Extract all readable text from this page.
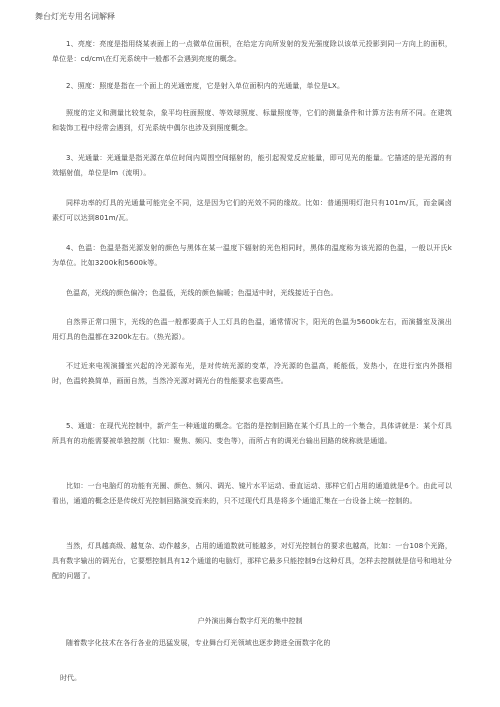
舞台灯光专用名词解释

1、亮度：亮度是指用绕某表面上的一点微单位面积，在给定方向所发射的发光强度除以该单元投影到同一方向上的面积，单位是：cd/cm\在灯光系统中一般都不会遇到亮度的概念。

2、照度：照度是指在一个面上的光通密度，它是射入单位面积内的光通量，单位是LX。

照度的定义和测量比较复杂，象平均柱面照度、等效球照度、标量照度等，它们的测量条件和计算方法有所不同。在建筑和装饰工程中经常会遇到，灯光系统中偶尔也涉及到照度概念。

3、光通量：光通量是指光源在单位时间内周围空间辐射的，能引起视觉反应能量，即可见光的能量。它描述的是光源的有效辐射值，单位是lm（流明）。

同样功率的灯具的光通量可能完全不同，这是因为它们的光效不同的缘故。比如：普通照明灯泡只有101m/瓦，而金属卤素灯可以达到801m/瓦。

4、色温：色温是指光源发射的颜色与黑体在某一温度下辐射的光色相同时，黑体的温度称为该光源的色温，一般以开氏k为单位。比如3200k和5600k等。

色温高，光线的颜色偏冷；色温低，光线的颜色偏暖；色温适中时，光线接近于白色。

自然界正常口照卞，光线的色温一般都要高于人工灯具的色温，通常情况卞，阳光的色温为5600k左右，而演播室及演出用灯具的色温都在3200k左右。（热光源）。

不过近来电视演播室兴起的冷光源布光，是对传统光源的变革，冷光源的色温高，耗能低，发热小，在进行室内外摄相时，色温转换简单，画面自然，当然冷光源对调光台的性能要求也要高些。

5、通道：在现代光控制中，新产生一种通道的概念。它指的是控制回路在某个灯具上的一个集合，具体讲就是：某个灯具所具有的功能需要被单独控制（比如：聚焦、频闪、变色等），而所占有的调光台输出回路的统称就是通道。

比如：一台电脑灯的功能有光圈、颜色、频闪、调光、镜片水平运动、垂直运动、那样它们占用的通道就是6个。由此可以看出，通道的概念还是传统灯光控制回路演变而来的，只不过现代灯具是将多个通道汇集在一台设备上统一控制的。

当然，灯具越高级、越复杂、动作越多，占用的通道数就可能越多，对灯光控制台的要求也越高，比如：一台108个光路，具有数字输出的调光台，它要想控制具有12个通道的电脑灯，那样它最多只能控制9台这种灯具，怎样去控制就是信号和地址分配的问题了。

户外演出舞台数字灯光的集中控制

随着数字化技术在各行各业的迅猛发展，专业舞台灯光领域也逐步跨进全面数字化的

时代。
